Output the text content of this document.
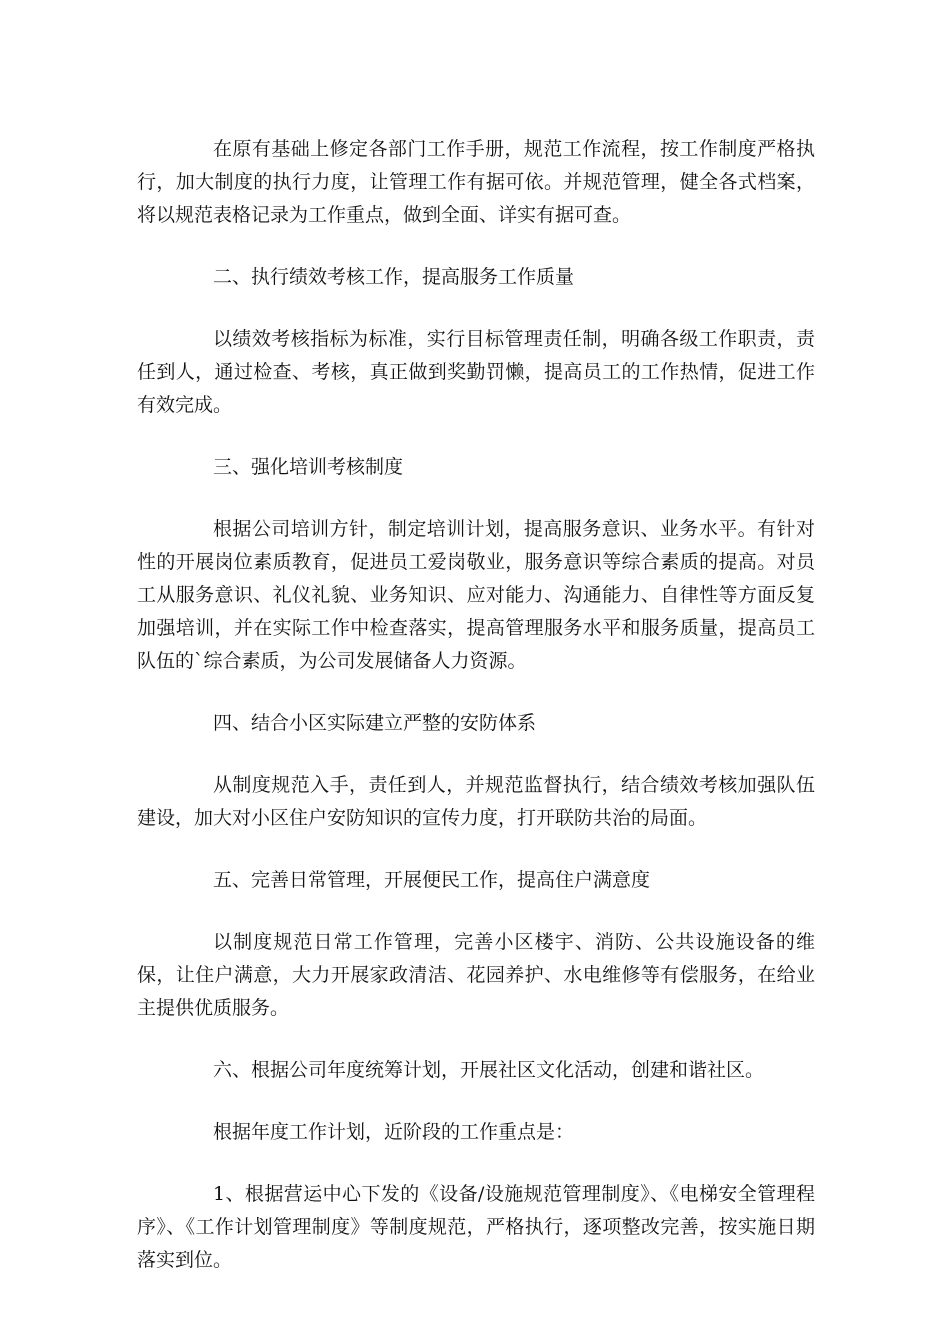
在原有基础上修定各部门工作手册，规范工作流程，按工作制度严格执行，加大制度的执行力度，让管理工作有据可依。并规范管理，健全各式档案，将以规范表格记录为工作重点，做到全面、详实有据可查。

二、执行绩效考核工作，提高服务工作质量

以绩效考核指标为标准，实行目标管理责任制，明确各级工作职责，责任到人，通过检查、考核，真正做到奖勤罚懒，提高员工的工作热情，促进工作有效完成。

三、强化培训考核制度

根据公司培训方针，制定培训计划，提高服务意识、业务水平。有针对性的开展岗位素质教育，促进员工爱岗敬业，服务意识等综合素质的提高。对员工从服务意识、礼仪礼貌、业务知识、应对能力、沟通能力、自律性等方面反复加强培训，并在实际工作中检查落实，提高管理服务水平和服务质量，提高员工队伍的`综合素质，为公司发展储备人力资源。

四、结合小区实际建立严整的安防体系

从制度规范入手，责任到人，并规范监督执行，结合绩效考核加强队伍建设，加大对小区住户安防知识的宣传力度，打开联防共治的局面。

五、完善日常管理，开展便民工作，提高住户满意度

以制度规范日常工作管理，完善小区楼宇、消防、公共设施设备的维保，让住户满意，大力开展家政清洁、花园养护、水电维修等有偿服务，在给业主提供优质服务。

六、根据公司年度统筹计划，开展社区文化活动，创建和谐社区。

根据年度工作计划，近阶段的工作重点是：

1、根据营运中心下发的《设备/设施规范管理制度》、《电梯安全管理程序》、《工作计划管理制度》等制度规范，严格执行，逐项整改完善，按实施日期落实到位。
